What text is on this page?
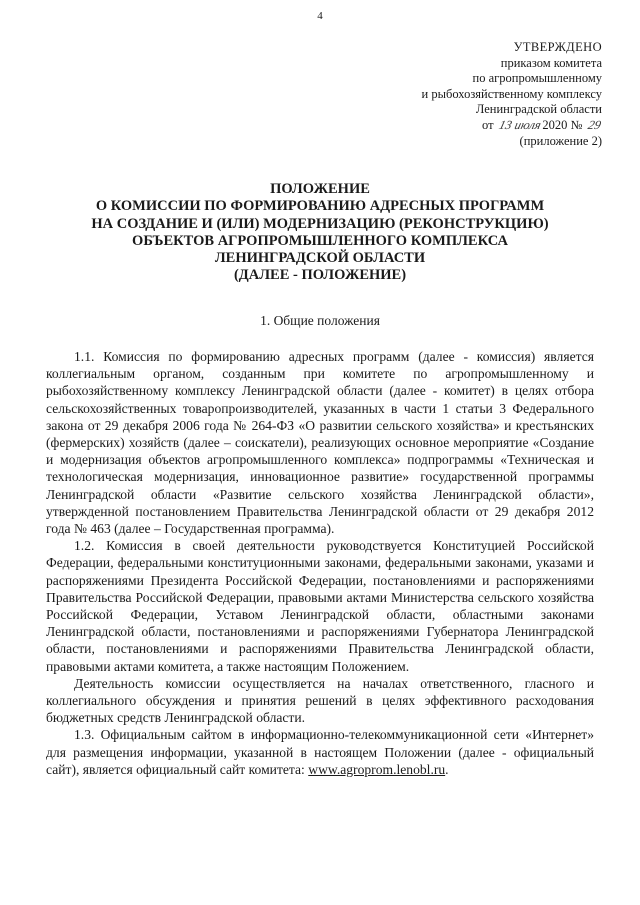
4
УТВЕРЖДЕНО
приказом комитета
по агропромышленному
и рыбохозяйственному комплексу
Ленинградской области
от 13 июля2020 № 29
(приложение 2)
ПОЛОЖЕНИЕ
О КОМИССИИ ПО ФОРМИРОВАНИЮ АДРЕСНЫХ ПРОГРАММ
НА СОЗДАНИЕ И (ИЛИ) МОДЕРНИЗАЦИЮ (РЕКОНСТРУКЦИЮ)
ОБЪЕКТОВ АГРОПРОМЫШЛЕННОГО КОМПЛЕКСА
ЛЕНИНГРАДСКОЙ ОБЛАСТИ
(ДАЛЕЕ - ПОЛОЖЕНИЕ)
1. Общие положения

1.1. Комиссия по формированию адресных программ (далее - комиссия) является коллегиальным органом, созданным при комитете по агропромышленному и рыбохозяйственному комплексу Ленинградской области (далее - комитет) в целях отбора сельскохозяйственных товаропроизводителей, указанных в части 1 статьи 3 Федерального закона от 29 декабря 2006 года № 264-ФЗ «О развитии сельского хозяйства» и крестьянских (фермерских) хозяйств (далее – соискатели), реализующих основное мероприятие «Создание и модернизация объектов агропромышленного комплекса» подпрограммы «Техническая и технологическая модернизация, инновационное развитие» государственной программы Ленинградской области «Развитие сельского хозяйства Ленинградской области», утвержденной постановлением Правительства Ленинградской области от 29 декабря 2012 года № 463 (далее – Государственная программа).

1.2. Комиссия в своей деятельности руководствуется Конституцией Российской Федерации, федеральными конституционными законами, федеральными законами, указами и распоряжениями Президента Российской Федерации, постановлениями и распоряжениями Правительства Российской Федерации, правовыми актами Министерства сельского хозяйства Российской Федерации, Уставом Ленинградской области, областными законами Ленинградской области, постановлениями и распоряжениями Губернатора Ленинградской области, постановлениями и распоряжениями Правительства Ленинградской области, правовыми актами комитета, а также настоящим Положением.

Деятельность комиссии осуществляется на началах ответственного, гласного и коллегиального обсуждения и принятия решений в целях эффективного расходования бюджетных средств Ленинградской области.

1.3. Официальным сайтом в информационно-телекоммуникационной сети «Интернет» для размещения информации, указанной в настоящем Положении (далее - официальный сайт), является официальный сайт комитета: www.agroprom.lenobl.ru.
